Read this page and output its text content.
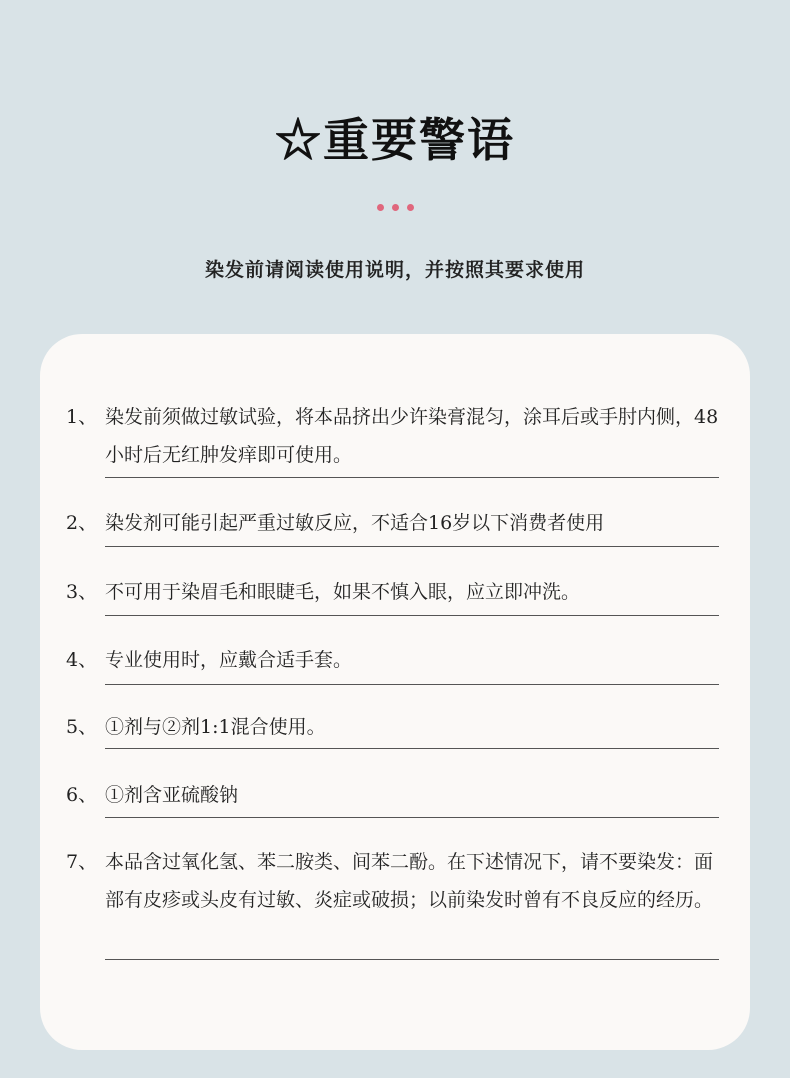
☆重要警语
染发前请阅读使用说明，并按照其要求使用
1、 染发前须做过敏试验，将本品挤出少许染膏混匀，涂耳后或手肘内侧，48小时后无红肿发痒即可使用。
2、 染发剂可能引起严重过敏反应，不适合16岁以下消费者使用
3、 不可用于染眉毛和眼睫毛，如果不慎入眼，应立即冲洗。
4、 专业使用时，应戴合适手套。
5、 ①剂与②剂1:1混合使用。
6、 ①剂含亚硫酸钠
7、 本品含过氧化氢、苯二胺类、间苯二酚。在下述情况下，请不要染发：面部有皮疹或头皮有过敏、炎症或破损；以前染发时曾有不良反应的经历。
